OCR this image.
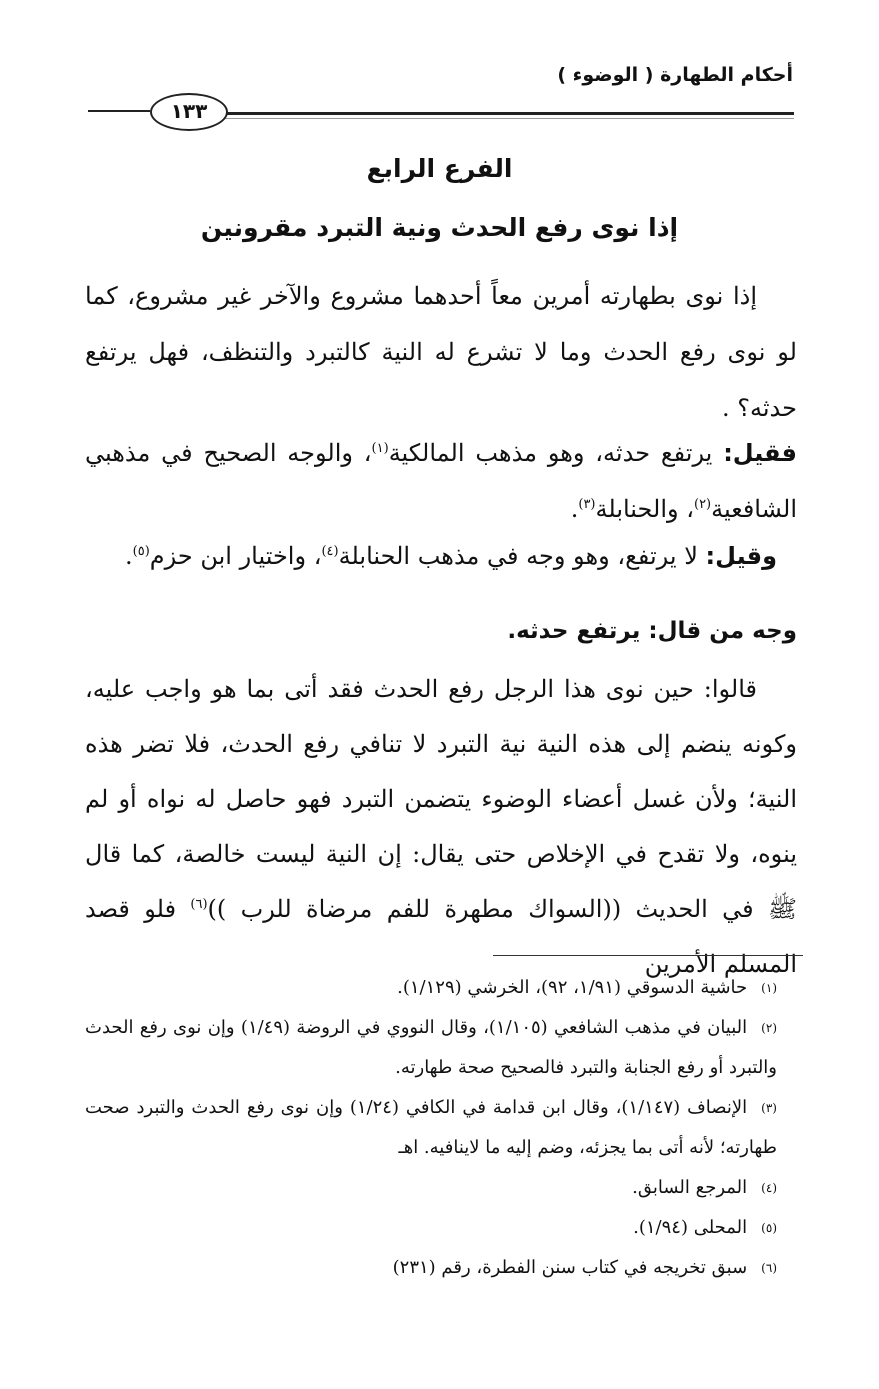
أحكام الطهارة ( الوضوء )
١٣٣
الفرع الرابع
إذا نوى رفع الحدث ونية التبرد مقرونين

إذا نوى بطهارته أمرين معاً أحدهما مشروع والآخر غير مشروع، كما لو نوى رفع الحدث وما لا تشرع له النية كالتبرد والتنظف، فهل يرتفع حدثه؟ .

فقيل: يرتفع حدثه، وهو مذهب المالكية$^{(١)}$، والوجه الصحيح في مذهبي الشافعية$^{(٢)}$، والحنابلة$^{(٣)}$.

وقيل: لا يرتفع، وهو وجه في مذهب الحنابلة$^{(٤)}$، واختيار ابن حزم$^{(٥)}$.

وجه من قال: يرتفع حدثه.

قالوا: حين نوى هذا الرجل رفع الحدث فقد أتى بما هو واجب عليه، وكونه ينضم إلى هذه النية نية التبرد لا تنافي رفع الحدث، فلا تضر هذه النية؛ ولأن غسل أعضاء الوضوء يتضمن التبرد فهو حاصل له نواه أو لم ينوه، ولا تقدح في الإخلاص حتى يقال: إن النية ليست خالصة، كما قال ﷺ في الحديث ((السواك مطهرة للفم مرضاة للرب ))$^{(٦)}$ فلو قصد المسلم الأمرين

$^{(١)}$حاشية الدسوقي (١/٩١، ٩٢)، الخرشي (١/١٢٩).

$^{(٢)}$البيان في مذهب الشافعي (١/١٠٥)، وقال النووي في الروضة (١/٤٩) وإن نوى رفع الحدث والتبرد أو رفع الجنابة والتبرد فالصحيح صحة طهارته.

$^{(٣)}$الإنصاف (١/١٤٧)، وقال ابن قدامة في الكافي (١/٢٤) وإن نوى رفع الحدث والتبرد صحت طهارته؛ لأنه أتى بما يجزئه، وضم إليه ما لاينافيه. اهـ

$^{(٤)}$المرجع السابق.

$^{(٥)}$المحلى (١/٩٤).

$^{(٦)}$سبق تخريجه في كتاب سنن الفطرة، رقم (٢٣١)
